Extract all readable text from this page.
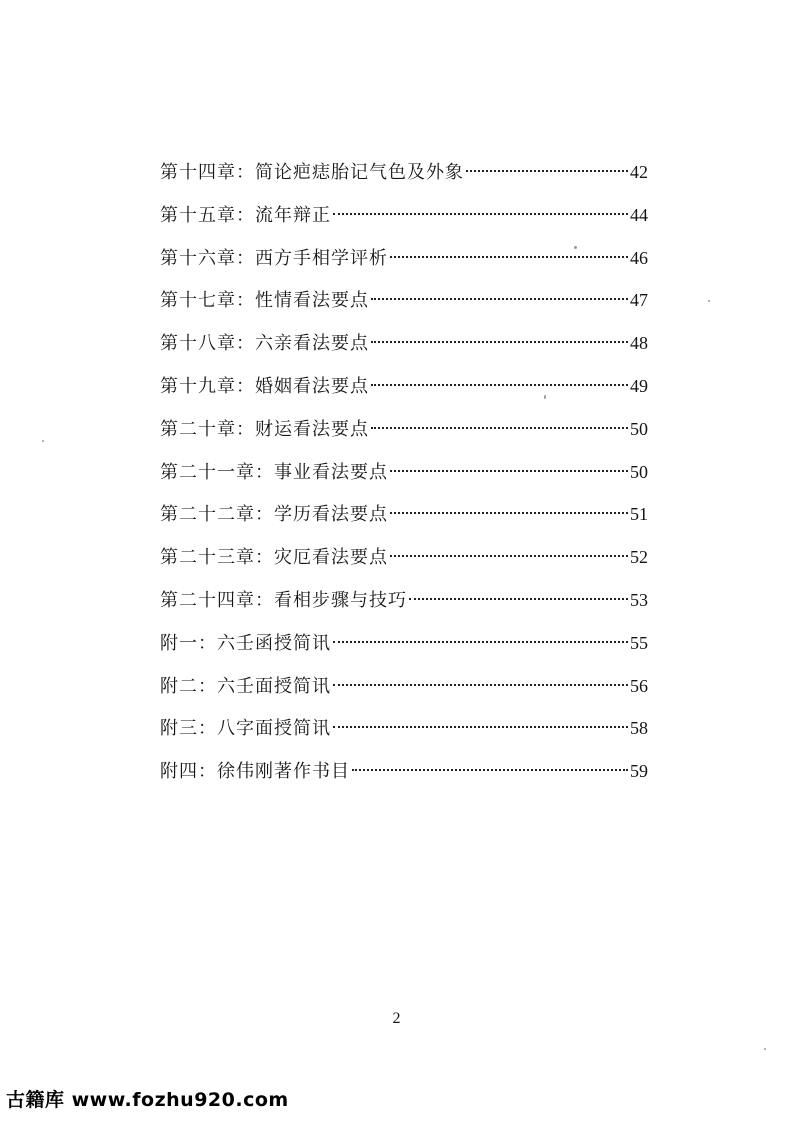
第十四章：简论疤痣胎记气色及外象	42
第十五章：流年辩正	44
第十六章：西方手相学评析	46
第十七章：性情看法要点	47
第十八章：六亲看法要点	48
第十九章：婚姻看法要点	49
第二十章：财运看法要点	50
第二十一章：事业看法要点	50
第二十二章：学历看法要点	51
第二十三章：灾厄看法要点	52
第二十四章：看相步骤与技巧	53
附一：六壬函授简讯	55
附二：六壬面授简讯	56
附三：八字面授简讯	58
附四：徐伟刚著作书目	59
2
古籍库 www.fozhu920.com
